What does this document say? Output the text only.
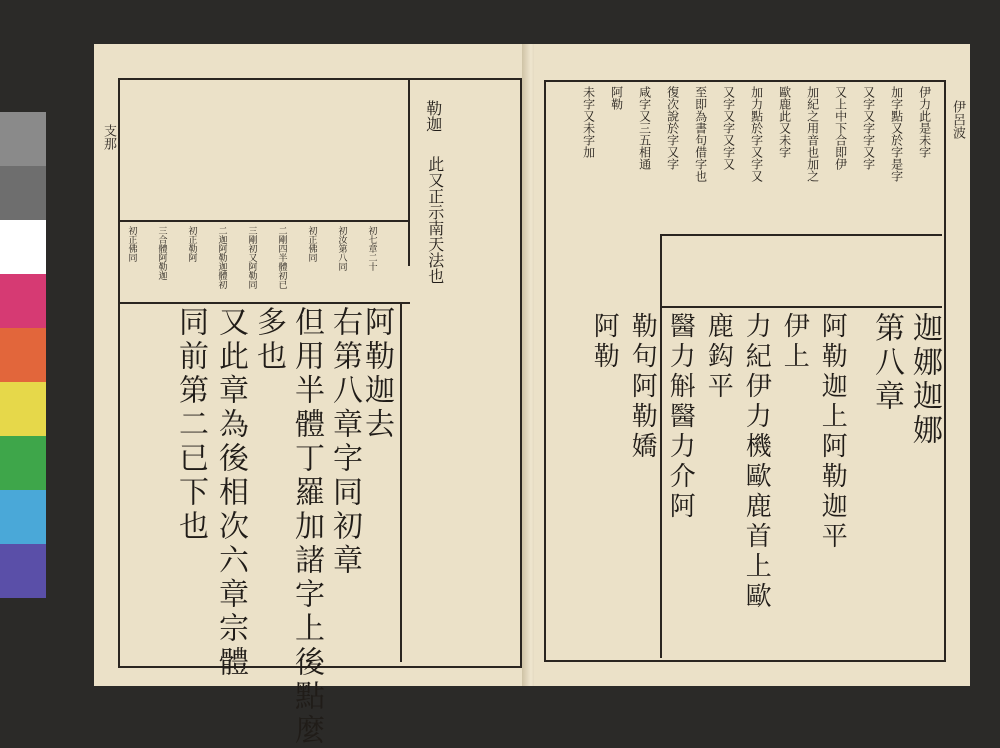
支那
初正佛同 三合體阿勒迦 初正勒阿 二迦阿勒迦體初 三剛初又阿勒同 二剛四半體初已 初正佛同 初汝第八同 初七章二十
阿勒迦去
右第八章字同初章
但用半體丁羅加諸字上後點麼
多也
又此章為後相次六章宗體
同前第二已下也
勒迦
此又正示南天法也
伊呂波
伊力此是未字
加字點又於字是字
又字又字字又字
又上中下合即伊
加紀之用音也加之
歐鹿此又未字
加力點於字又字又
又字又字又字又
至即為書句借字也
復次說於字又字
咸字又三五相通
阿勒
未字又未字加
第八章 迦娜迦娜
阿勒迦上阿勒迦平
伊上
力紀伊力機歐鹿首上歐
鹿鈎平
醫力斛醫力介阿
勒句阿勒嬌
阿勒
